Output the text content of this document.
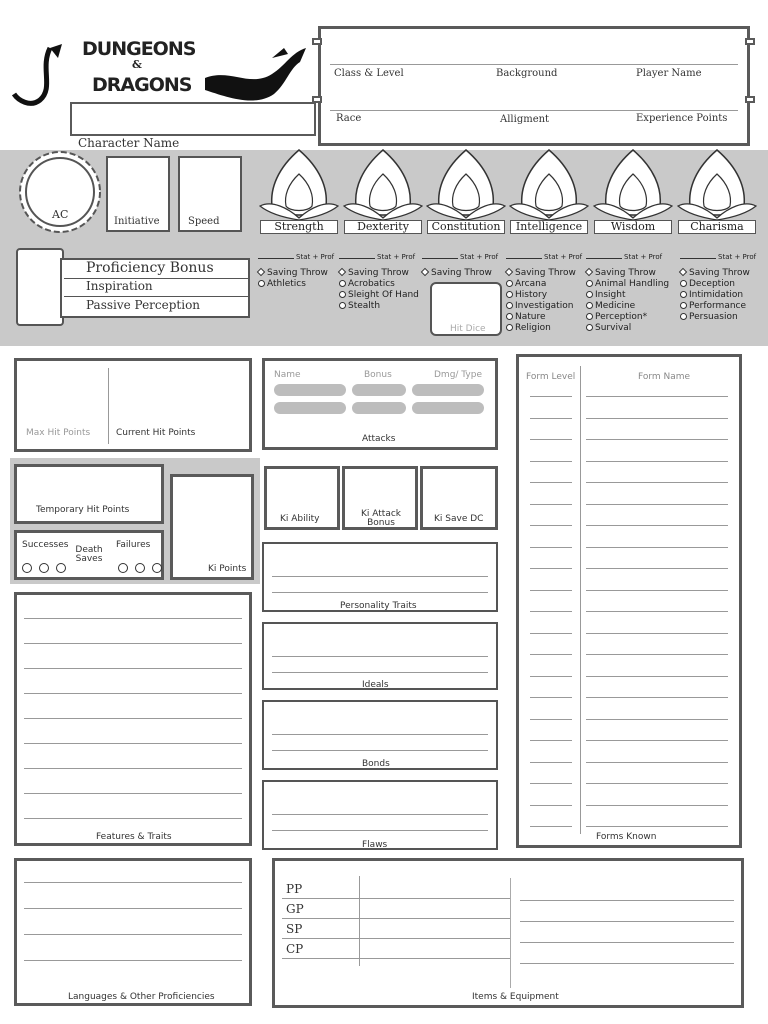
DUNGEONS
&
DRAGONS
Character Name
Class & Level	Background	Player Name
Race	Alligment	Experience Points
AC
Initiative	Speed	Strength	Dexterity	Constitution	Intelligence	Wisdom	Charisma
Proficiency Bonus
Inspiration
Passive Perception
Stat + Prof
Saving Throw
Athletics
Stat + Prof
Saving Throw
Acrobatics
Sleight Of Hand
Stealth
Stat + Prof
Saving Throw
Stat + Prof
Saving Throw
Arcana
History
Investigation
Nature
Religion
Stat + Prof
Saving Throw
Animal Handling
Insight
Medicine
Perception*
Survival
Stat + Prof
Saving Throw
Deception
Intimidation
Performance
Persuasion
Hit Dice
Max Hit Points	Current Hit Points
Temporary Hit Points
Successes Death Saves
Failures

Ki Points
Features & Traits
Languages & Other Proficiencies
Name	Bonus	Dmg/ Type
Attacks
Ki Ability	Ki Attack Bonus	Ki Save DC
Personality Traits
Ideals
Bonds
Flaws
Form Level	Form Name
Forms Known
PP
GP
SP
CP
Items & Equipment
